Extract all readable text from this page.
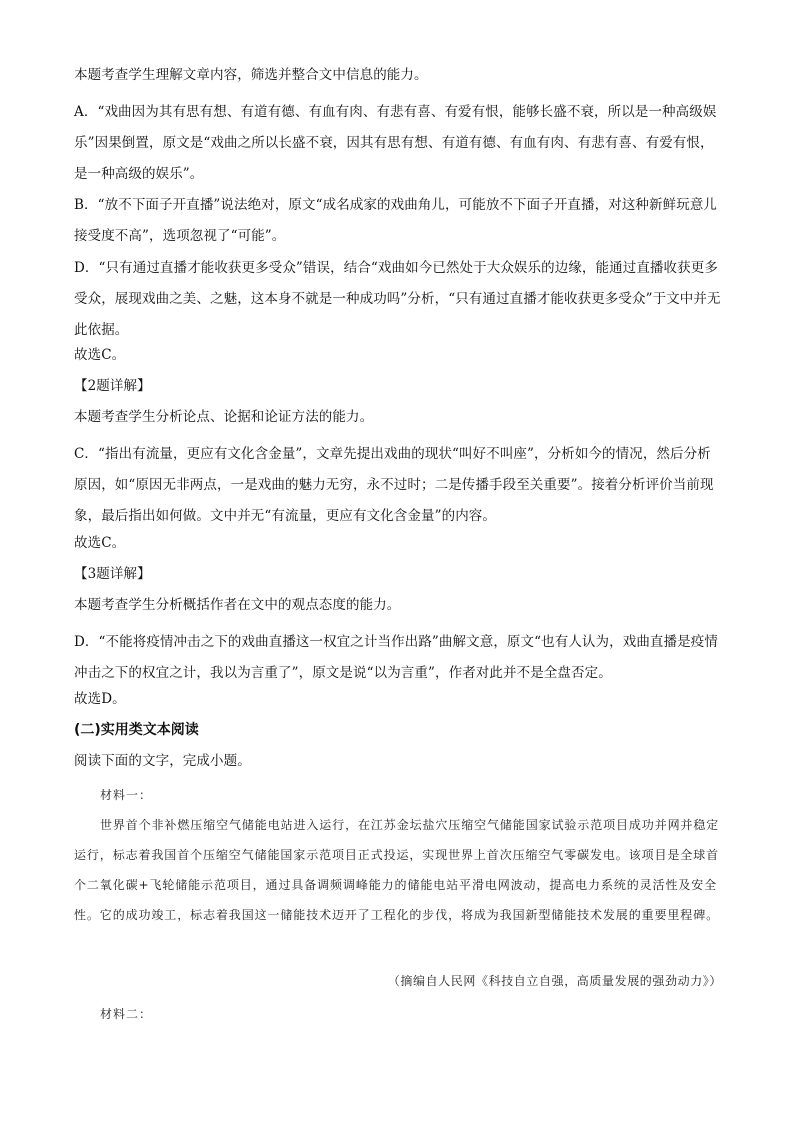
本题考查学生理解文章内容，筛选并整合文中信息的能力。
A．“戏曲因为其有思有想、有道有德、有血有肉、有悲有喜、有爱有恨，能够长盛不衰，所以是一种高级娱乐”因果倒置，原文是“戏曲之所以长盛不衰，因其有思有想、有道有德、有血有肉、有悲有喜、有爱有恨，是一种高级的娱乐”。
B．“放不下面子开直播”说法绝对，原文“成名成家的戏曲角儿，可能放不下面子开直播，对这种新鲜玩意儿接受度不高”，选项忽视了“可能”。
D．“只有通过直播才能收获更多受众”错误，结合“戏曲如今已然处于大众娱乐的边缘，能通过直播收获更多受众，展现戏曲之美、之魅，这本身不就是一种成功吗”分析，“只有通过直播才能收获更多受众”于文中并无此依据。
故选C。
【2题详解】
本题考查学生分析论点、论据和论证方法的能力。
C．“指出有流量，更应有文化含金量”，文章先提出戏曲的现状“叫好不叫座”，分析如今的情况，然后分析原因，如“原因无非两点，一是戏曲的魅力无穷，永不过时；二是传播手段至关重要”。接着分析评价当前现象，最后指出如何做。文中并无“有流量，更应有文化含金量”的内容。
故选C。
【3题详解】
本题考查学生分析概括作者在文中的观点态度的能力。
D．“不能将疫情冲击之下的戏曲直播这一权宜之计当作出路”曲解文意，原文“也有人认为，戏曲直播是疫情冲击之下的权宜之计，我以为言重了”，原文是说“以为言重”，作者对此并不是全盘否定。
故选D。
(二)实用类文本阅读
阅读下面的文字，完成小题。
材料一：
世界首个非补燃压缩空气储能电站进入运行，在江苏金坛盐穴压缩空气储能国家试验示范项目成功并网并稳定运行，标志着我国首个压缩空气储能国家示范项目正式投运，实现世界上首次压缩空气零碳发电。该项目是全球首个二氧化碳+飞轮储能示范项目，通过具备调频调峰能力的储能电站平滑电网波动，提高电力系统的灵活性及安全性。它的成功竣工，标志着我国这一储能技术迈开了工程化的步伐，将成为我国新型储能技术发展的重要里程碑。
（摘编自人民网《科技自立自强，高质量发展的强劲动力》）
材料二：
